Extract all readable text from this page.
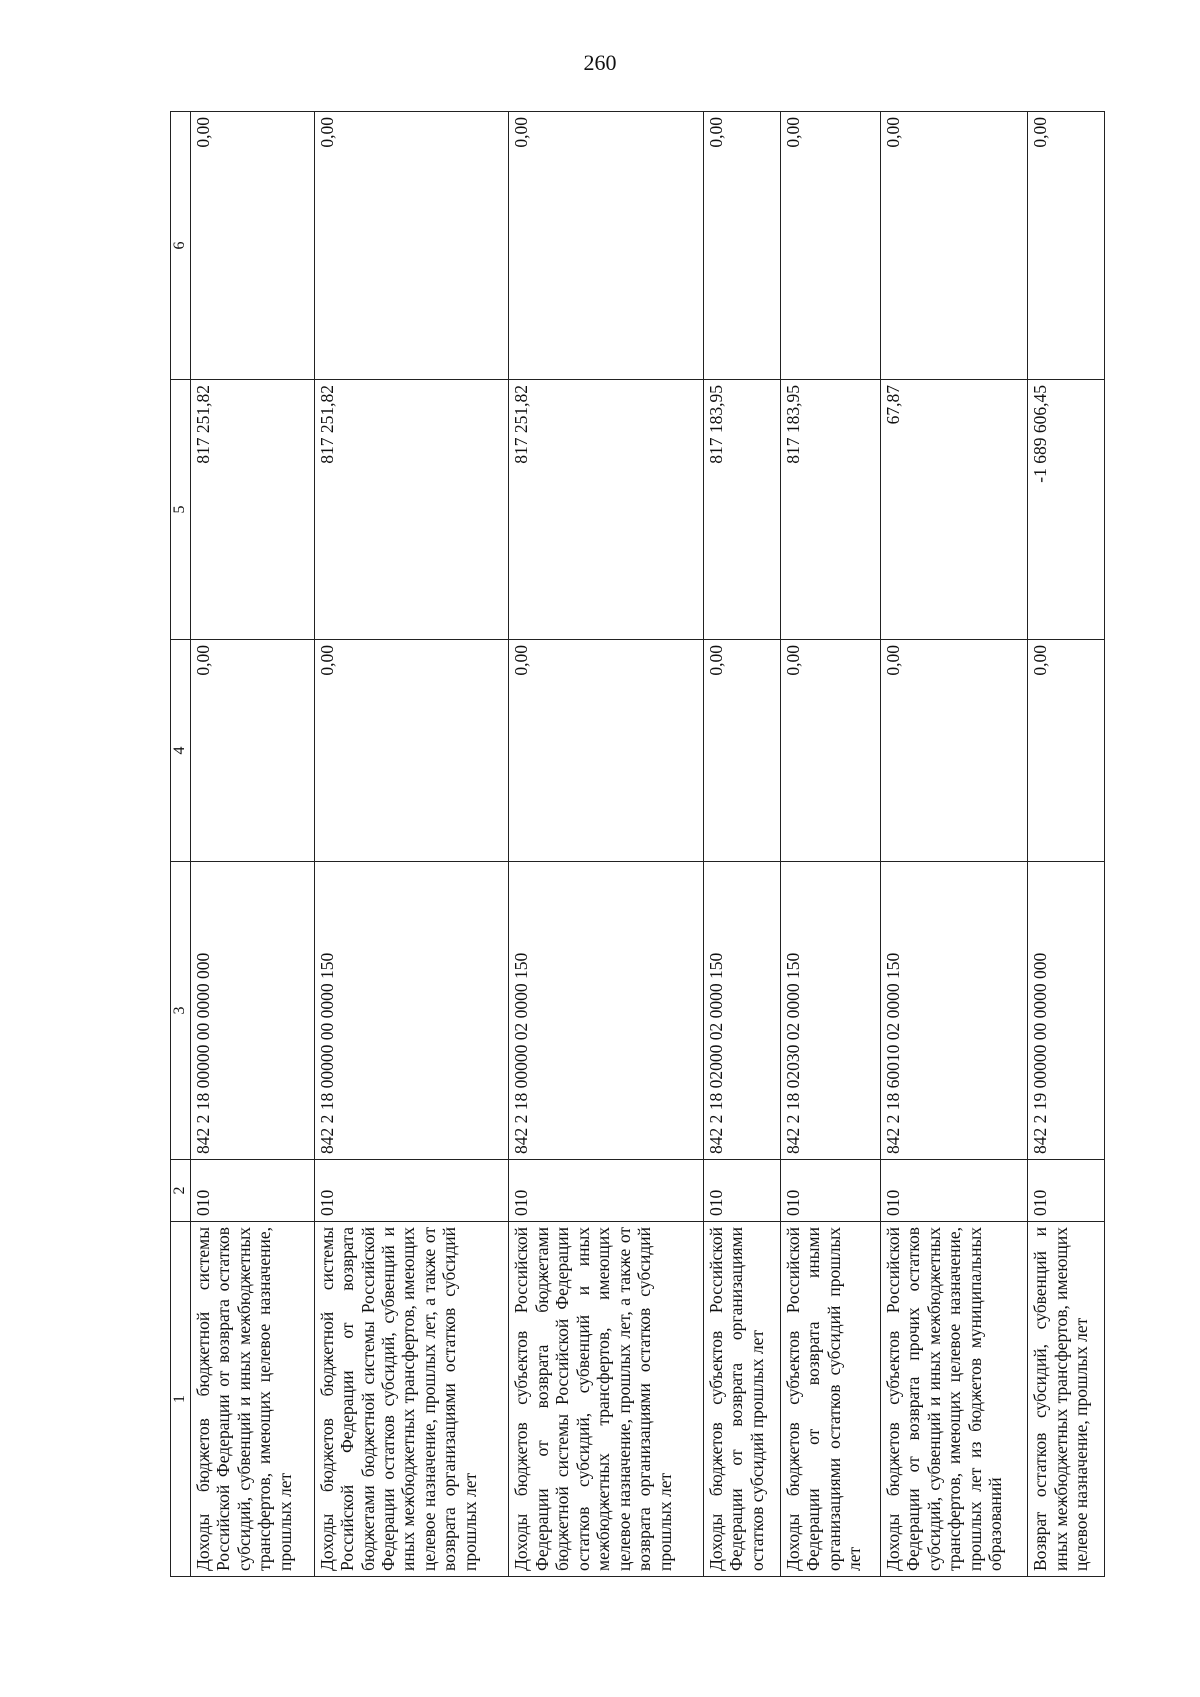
260
1	2	3	4	5	6
Доходы бюджетов бюджетной системы Российской Федерации от возврата остатков субсидий, субвенций и иных межбюджетных трансфертов, имеющих целевое назначение, прошлых лет	010	842 2 18 00000 00 0000 000	0,00	817 251,82	0,00
Доходы бюджетов бюджетной системы Российской Федерации от возврата бюджетами бюджетной системы Российской Федерации остатков субсидий, субвенций и иных межбюджетных трансфертов, имеющих целевое назначение, прошлых лет, а также от возврата организациями остатков субсидий прошлых лет	010	842 2 18 00000 00 0000 150	0,00	817 251,82	0,00
Доходы бюджетов субъектов Российской Федерации от возврата бюджетами бюджетной системы Российской Федерации остатков субсидий, субвенций и иных межбюджетных трансфертов, имеющих целевое назначение, прошлых лет, а также от возврата организациями остатков субсидий прошлых лет	010	842 2 18 00000 02 0000 150	0,00	817 251,82	0,00
Доходы бюджетов субъектов Российской Федерации от возврата организациями остатков субсидий прошлых лет	010	842 2 18 02000 02 0000 150	0,00	817 183,95	0,00
Доходы бюджетов субъектов Российской Федерации от возврата иными организациями остатков субсидий прошлых лет	010	842 2 18 02030 02 0000 150	0,00	817 183,95	0,00
Доходы бюджетов субъектов Российской Федерации от возврата прочих остатков субсидий, субвенций и иных межбюджетных трансфертов, имеющих целевое назначение, прошлых лет из бюджетов муниципальных образований	010	842 2 18 60010 02 0000 150	0,00	67,87	0,00
Возврат остатков субсидий, субвенций и иных межбюджетных трансфертов, имеющих целевое назначение, прошлых лет	010	842 2 19 00000 00 0000 000	0,00	-1 689 606,45	0,00
